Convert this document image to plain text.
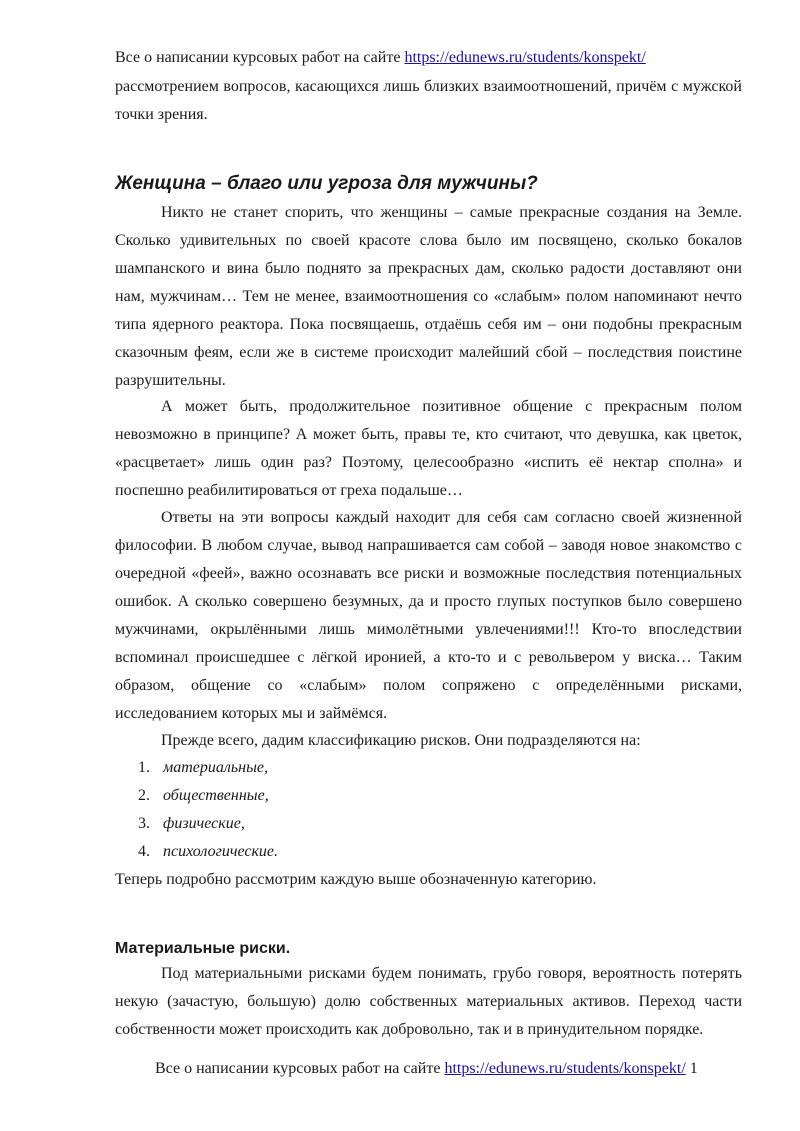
Все о написании курсовых работ на сайте https://edunews.ru/students/konspekt/
рассмотрением вопросов, касающихся лишь близких взаимоотношений, причём с мужской точки зрения.
Женщина – благо или угроза для мужчины?
Никто не станет спорить, что женщины – самые прекрасные создания на Земле. Сколько удивительных по своей красоте слова было им посвящено, сколько бокалов шампанского и вина было поднято за прекрасных дам, сколько радости доставляют они нам, мужчинам… Тем не менее, взаимоотношения со «слабым» полом напоминают нечто типа ядерного реактора. Пока посвящаешь, отдаёшь себя им – они подобны прекрасным сказочным феям, если же в системе происходит малейший сбой – последствия поистине разрушительны.
А может быть, продолжительное позитивное общение с прекрасным полом невозможно в принципе? А может быть, правы те, кто считают, что девушка, как цветок, «расцветает» лишь один раз? Поэтому, целесообразно «испить её нектар сполна» и поспешно реабилитироваться от греха подальше…
Ответы на эти вопросы каждый находит для себя сам согласно своей жизненной философии. В любом случае, вывод напрашивается сам собой – заводя новое знакомство с очередной «феей», важно осознавать все риски и возможные последствия потенциальных ошибок. А сколько совершено безумных, да и просто глупых поступков было совершено мужчинами, окрылёнными лишь мимолётными увлечениями!!! Кто-то впоследствии вспоминал происшедшее с лёгкой иронией, а кто-то и с револьвером у виска… Таким образом, общение со «слабым» полом сопряжено с определёнными рисками, исследованием которых мы и займёмся.
Прежде всего, дадим классификацию рисков. Они подразделяются на:
1. материальные,
2. общественные,
3. физические,
4. психологические.
Теперь подробно рассмотрим каждую выше обозначенную категорию.
Материальные риски.
Под материальными рисками будем понимать, грубо говоря, вероятность потерять некую (зачастую, большую) долю собственных материальных активов. Переход части собственности может происходить как добровольно, так и в принудительном порядке.
Все о написании курсовых работ на сайте https://edunews.ru/students/konspekt/ 1
